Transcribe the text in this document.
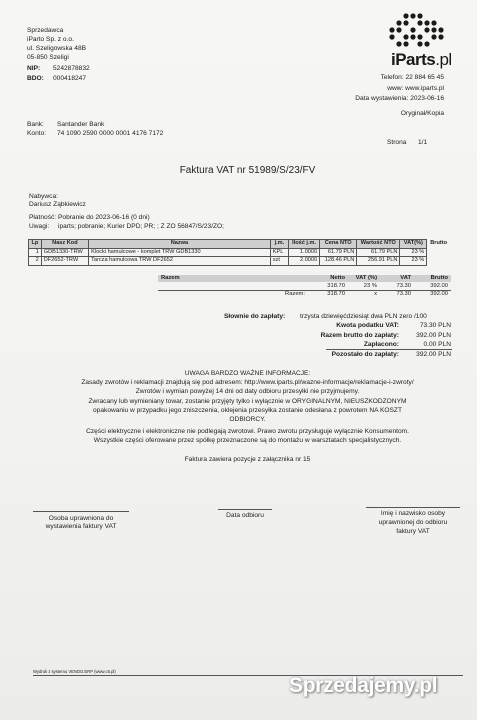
Sprzedawca
iParto Sp. z o.o.
ul. Szeligowska 48B
05-850 Szeligi
NIP: 5242878832
BDO: 000418247
iParts.pl
Telefon: 22 884 65 45
www: www.iparts.pl
Data wystawienia: 2023-06-16
Oryginał/Kopia
Bank: Santander Bank
Konto: 74 1090 2590 0000 0001 4176 7172
Strona 1/1
Faktura VAT nr 51989/S/23/FV
Nabywca:
Dariusz Ząbkiewicz
Płatność: Pobranie do 2023-06-16 (0 dni)
Uwagi: iparts; pobranie; Kurier DPD; PR; ; Z ZO 56847/S/23/ZO;
Lp	Nasz Kod	Nazwa	j.m.	Ilość j.m.	Cena NTO	Wartość NTO	VAT(%)	Brutto
1	GDB1330-TRW	Klocki hamulcowe - komplet TRW GDB1330	KPL	1.0000	61.79 PLN	61.79 PLN	23 %	
2	DF2652-TRW	Tarcza hamulcowa TRW DF2652	szt	2.0000	128.46 PLN	256.91 PLN	23 %	
Razem	Netto	VAT (%)	VAT	Brutto
	318.70	23 %	73.30	392.00
Razem:	318.70	x	73.30	392.00
Słownie do zapłaty: trzysta dziewięćdziesiąt dwa PLN zero /100
Kwota podatku VAT:	73.30 PLN
Razem brutto do zapłaty:	392.00 PLN
Zapłacono:	0.00 PLN
Pozostało do zapłaty:	392.00 PLN
UWAGA BARDZO WAŻNE INFORMACJE:
Zasady zwrotów i reklamacji znajdują się pod adresem: http://www.iparts.pl/wazne-informacje/reklamacje-i-zwroty/
Zwrotów i wymian powyżej 14 dni od daty odbioru przesyłki nie przyjmujemy.
Zwracany lub wymieniany towar, zostanie przyjęty tylko i wyłącznie w ORYGINALNYM, NIEUSZKODZONYM
opakowaniu w przypadku jego zniszczenia, oklejenia przesyłka zostanie odesłana z powrotem NA KOSZT
ODBIORCY.
Części elektryczne i elektroniczne nie podlegają zwrotowi. Prawo zwrotu przysługuje wyłącznie Konsumentom.
Wszystkie części oferowane przez spółkę przeznaczone są do montażu w warsztatach specjalistycznych.
Faktura zawiera pozycje z załącznika nr 15
Osoba uprawniona do
wystawienia faktury VAT
Data odbioru	Imię i nazwisko osoby
uprawnionej do odbioru
faktury VAT
Wydruk z systemu VENDO.ERP (www.c6.pl)
Sprzedajemy.pl
